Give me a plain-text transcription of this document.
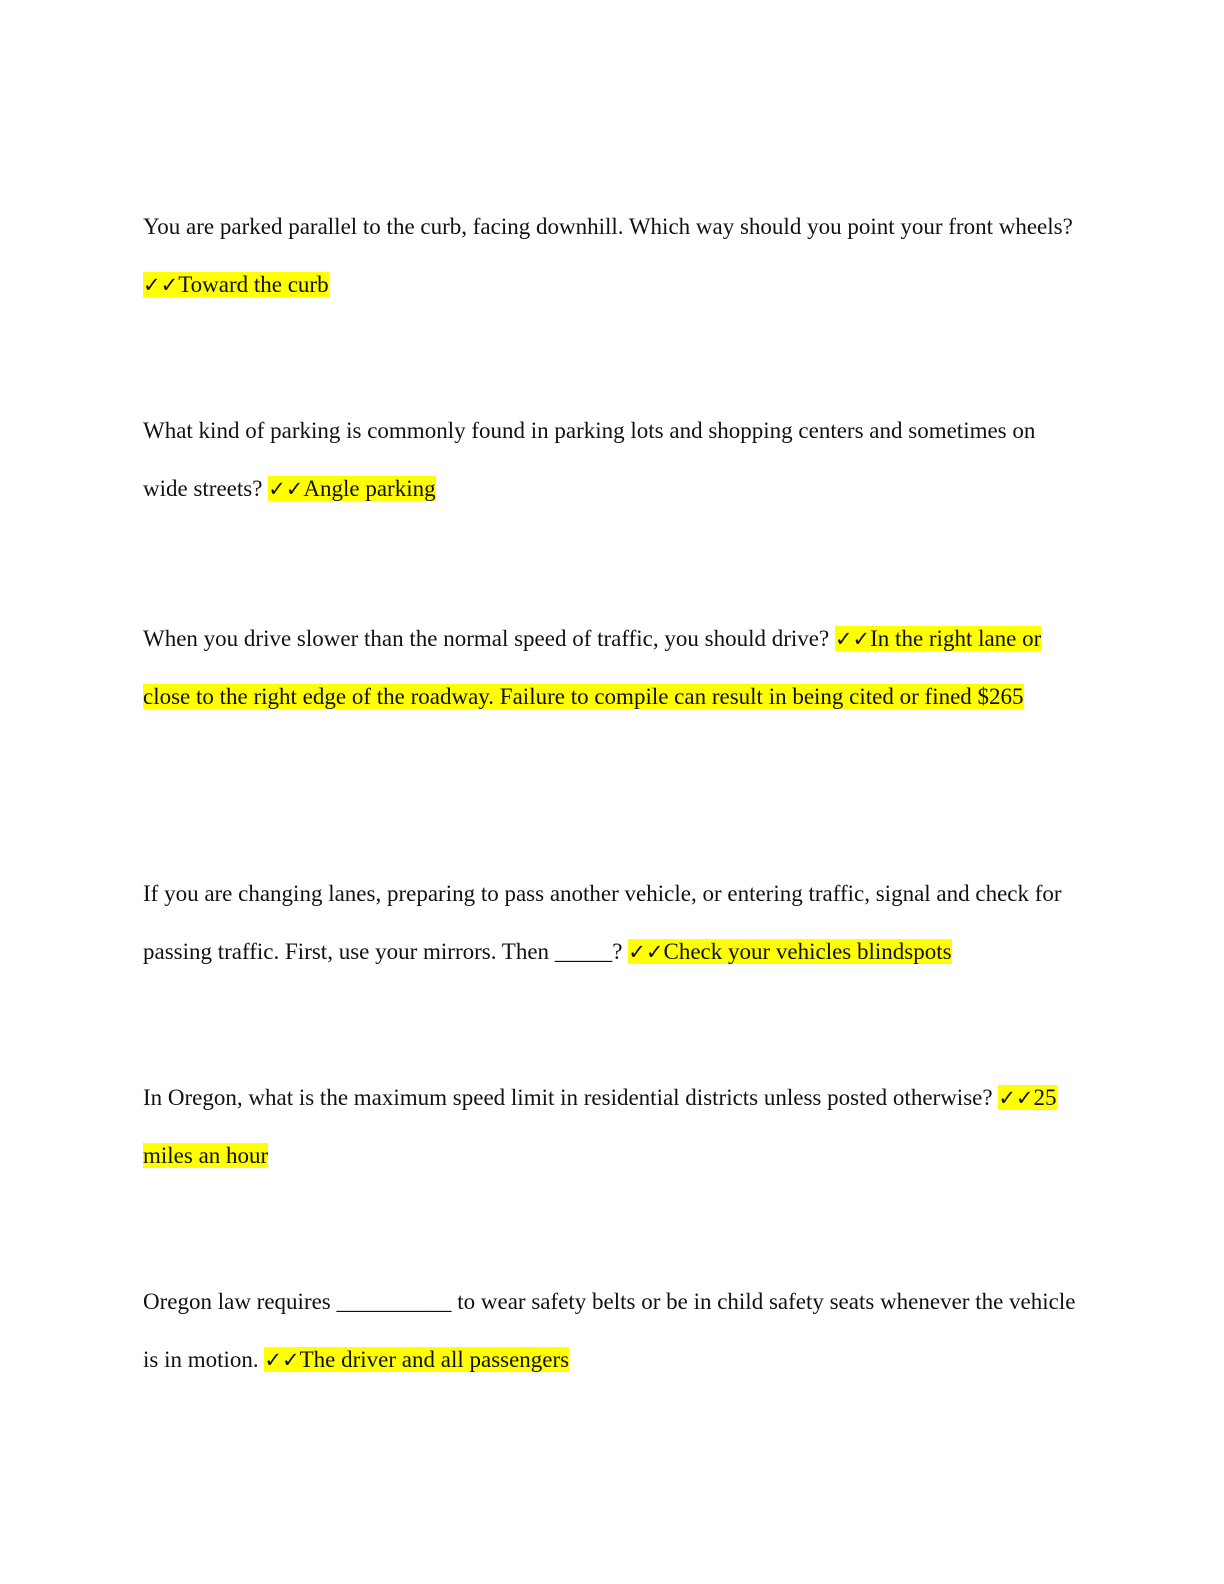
You are parked parallel to the curb, facing downhill. Which way should you point your front wheels? ✓✓Toward the curb
What kind of parking is commonly found in parking lots and shopping centers and sometimes on wide streets? ✓✓Angle parking
When you drive slower than the normal speed of traffic, you should drive? ✓✓In the right lane or close to the right edge of the roadway. Failure to compile can result in being cited or fined $265
If you are changing lanes, preparing to pass another vehicle, or entering traffic, signal and check for passing traffic. First, use your mirrors. Then _____? ✓✓Check your vehicles blindspots
In Oregon, what is the maximum speed limit in residential districts unless posted otherwise? ✓✓25 miles an hour
Oregon law requires __________ to wear safety belts or be in child safety seats whenever the vehicle is in motion. ✓✓The driver and all passengers
